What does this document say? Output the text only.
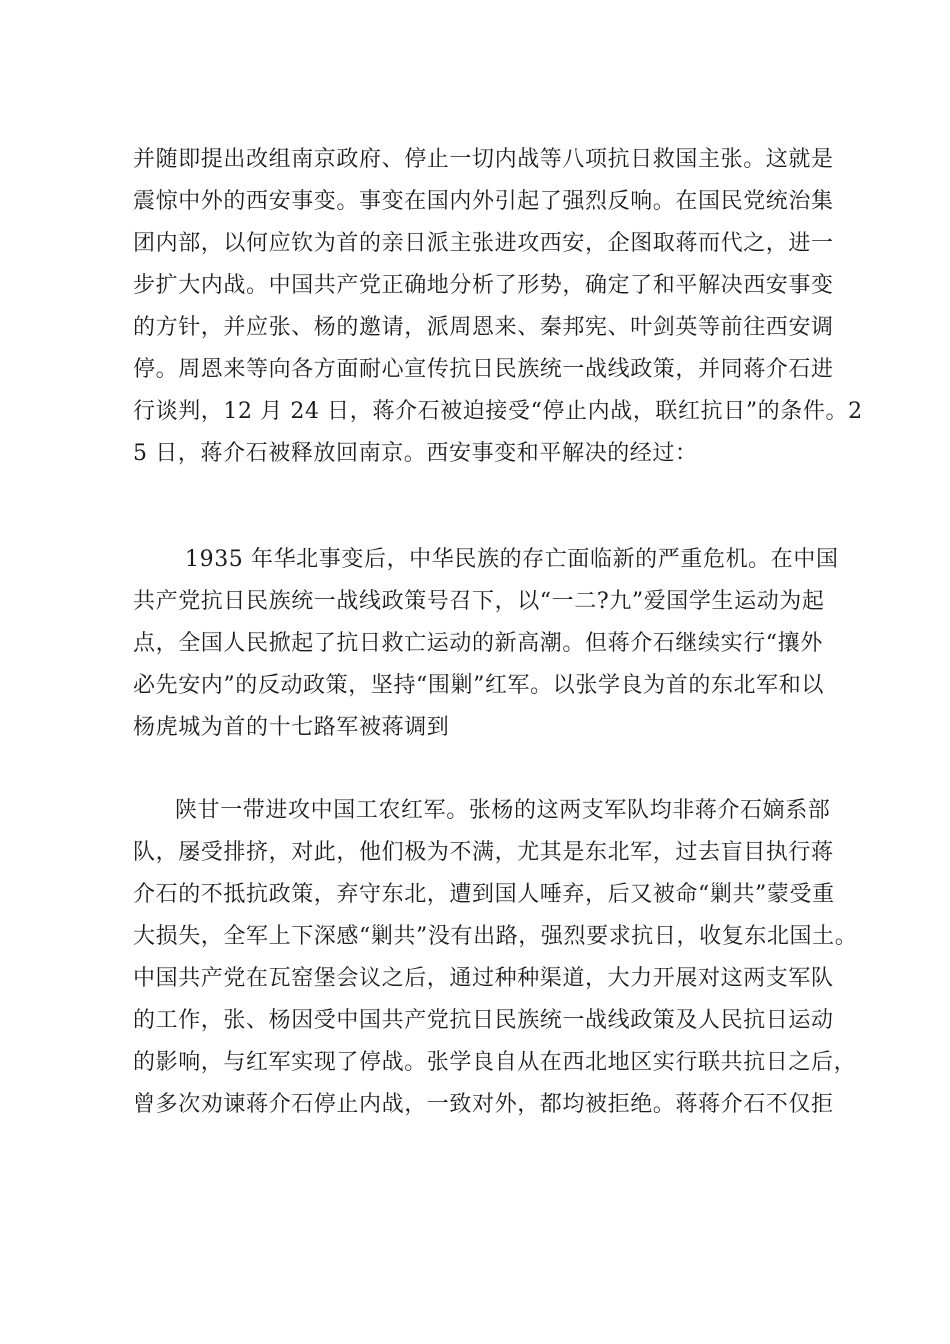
并随即提出改组南京政府、停止一切内战等八项抗日救国主张。这就是
震惊中外的西安事变。事变在国内外引起了强烈反响。在国民党统治集
团内部，以何应钦为首的亲日派主张进攻西安，企图取蒋而代之，进一
步扩大内战。中国共产党正确地分析了形势，确定了和平解决西安事变
的方针，并应张、杨的邀请，派周恩来、秦邦宪、叶剑英等前往西安调
停。周恩来等向各方面耐心宣传抗日民族统一战线政策，并同蒋介石进
行谈判，12 月 24 日，蒋介石被迫接受“停止内战，联红抗日”的条件。2
5 日，蒋介石被释放回南京。西安事变和平解决的经过：
1935 年华北事变后，中华民族的存亡面临新的严重危机。在中国
共产党抗日民族统一战线政策号召下，以“一二?九”爱国学生运动为起
点，全国人民掀起了抗日救亡运动的新高潮。但蒋介石继续实行“攘外
必先安内”的反动政策，坚持“围剿”红军。以张学良为首的东北军和以
杨虎城为首的十七路军被蒋调到
陕甘一带进攻中国工农红军。张杨的这两支军队均非蒋介石嫡系部
队，屡受排挤，对此，他们极为不满，尤其是东北军，过去盲目执行蒋
介石的不抵抗政策，弃守东北，遭到国人唾弃，后又被命“剿共”蒙受重
大损失，全军上下深感“剿共”没有出路，强烈要求抗日，收复东北国土。
中国共产党在瓦窑堡会议之后，通过种种渠道，大力开展对这两支军队
的工作，张、杨因受中国共产党抗日民族统一战线政策及人民抗日运动
的影响，与红军实现了停战。张学良自从在西北地区实行联共抗日之后，
曾多次劝谏蒋介石停止内战，一致对外，都均被拒绝。蒋蒋介石不仅拒
